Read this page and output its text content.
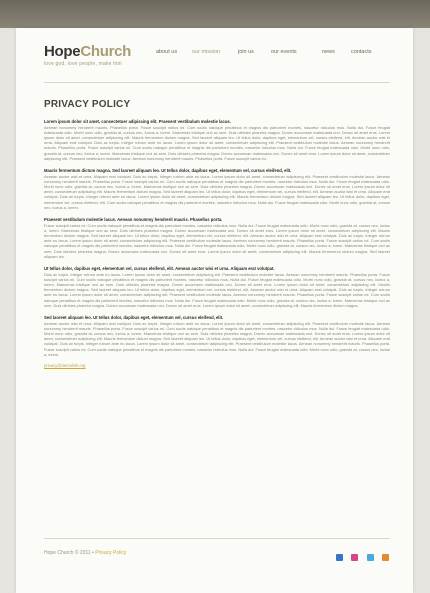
HopeChurch
love god, love people, make him
about us	our mission	join us	our events	news	contacts
PRIVACY POLICY
Lorem ipsum dolor sit amet, consectetuer adipiscing elit. Praesent vestibulum molestie lacus.
Aenean nonummy hendrerit mauris. Phasellus porta. Fusce suscipit varius mi. Cum sociis natoque penatibus et magnis dis parturient montes, nascetur ridiculus mus. Nulla dui. Fusce feugiat malesuada odio. Morbi nunc odio, gravida at, cursus nec, luctus a, lorem. Maecenas tristique orci ac sem. Duis ultricies pharetra magna. Donec accumsan malesuada orci. Donec sit amet eros. Lorem ipsum dolor sit amet, consectetuer adipiscing elit. Mauris fermentum dictum magna. Sed laoreet aliquam leo. Ut tellus dolor, dapibus eget, elementum vel, cursus eleifend, elit. Aenean auctor wisi et urna. Aliquam erat volutpat. Duis ac turpis. Integer rutrum ante eu lacus. Lorem ipsum dolor sit amet, consectetuer adipiscing elit. Praesent vestibulum molestie lacus. Aenean nonummy hendrerit mauris. Phasellus porta. Fusce suscipit varius mi. Cum sociis natoque penatibus et magnis dis parturient montes, nascetur ridiculus mus. Nulla dui. Fusce feugiat malesuada odio. Morbi nunc odio, gravida at, cursus nec, luctus a, lorem. Maecenas tristique orci ac sem. Duis ultricies pharetra magna. Donec accumsan malesuada orci. Donec sit amet eros. Lorem ipsum dolor sit amet, consectetuer adipiscing elit. Praesent vestibulum molestie lacus. Aenean nonummy hendrerit mauris. Phasellus porta. Fusce suscipit varius mi.
Mauris fermentum dictum magna. Sed laoreet aliquam leo. Ut tellus dolor, dapibus eget, elementum vel, cursus eleifend, elit.
Aenean auctor wisi et urna. Aliquam erat volutpat. Duis ac turpis. Integer rutrum ante eu lacus. Lorem ipsum dolor sit amet, consectetuer adipiscing elit. Praesent vestibulum molestie lacus. Aenean nonummy hendrerit mauris. Phasellus porta. Fusce suscipit varius mi. Cum sociis natoque penatibus et magnis dis parturient montes, nascetur ridiculus mus. Nulla dui. Fusce feugiat malesuada odio. Morbi nunc odio, gravida at, cursus nec, luctus a, lorem. Maecenas tristique orci ac sem. Duis ultricies pharetra magna. Donec accumsan malesuada orci. Donec sit amet eros. Lorem ipsum dolor sit amet, consectetuer adipiscing elit. Mauris fermentum dictum magna. Sed laoreet aliquam leo. Ut tellus dolor, dapibus eget, elementum vel, cursus eleifend, elit. Aenean auctor wisi et urna. Aliquam erat volutpat. Duis ac turpis. Integer rutrum ante eu lacus. Lorem ipsum dolor sit amet, consectetuer adipiscing elit. Mauris fermentum dictum magna. Sed laoreet aliquam leo. Ut tellus dolor, dapibus eget, elementum vel, cursus eleifend, elit. Cum sociis natoque penatibus et magnis dis parturient montes, nascetur ridiculus mus. Nulla dui. Fusce feugiat malesuada odio. Morbi nunc odio, gravida at, cursus nec, luctus a, lorem.
Praesent vestibulum molestie lacus. Aenean nonummy hendrerit mauris. Phasellus porta.
Fusce suscipit varius mi. Cum sociis natoque penatibus et magnis dis parturient montes, nascetur ridiculus mus. Nulla dui. Fusce feugiat malesuada odio. Morbi nunc odio, gravida at, cursus nec, luctus a, lorem. Maecenas tristique orci ac sem. Duis ultricies pharetra magna. Donec accumsan malesuada orci. Donec sit amet eros. Lorem ipsum dolor sit amet, consectetuer adipiscing elit. Mauris fermentum dictum magna. Sed laoreet aliquam leo. Ut tellus dolor, dapibus eget, elementum vel, cursus eleifend, elit. Aenean auctor wisi et urna. Aliquam erat volutpat. Duis ac turpis. Integer rutrum ante eu lacus. Lorem ipsum dolor sit amet, consectetuer adipiscing elit. Praesent vestibulum molestie lacus. Aenean nonummy hendrerit mauris. Phasellus porta. Fusce suscipit varius mi. Cum sociis natoque penatibus et magnis dis parturient montes, nascetur ridiculus mus. Nulla dui. Fusce feugiat malesuada odio. Morbi nunc odio, gravida at, cursus nec, luctus a, lorem. Maecenas tristique orci ac sem. Duis ultricies pharetra magna. Donec accumsan malesuada orci. Donec sit amet eros. Lorem ipsum dolor sit amet, consectetuer adipiscing elit. Mauris fermentum dictum magna. Sed laoreet aliquam leo.
Ut tellus dolor, dapibus eget, elementum vel, cursus eleifend, elit. Aenean auctor wisi et urna. Aliquam erat volutpat.
Duis ac turpis. Integer rutrum ante eu lacus. Lorem ipsum dolor sit amet, consectetuer adipiscing elit. Praesent vestibulum molestie lacus. Aenean nonummy hendrerit mauris. Phasellus porta. Fusce suscipit varius mi. Cum sociis natoque penatibus et magnis dis parturient montes, nascetur ridiculus mus. Nulla dui. Fusce feugiat malesuada odio. Morbi nunc odio, gravida at, cursus nec, luctus a, lorem. Maecenas tristique orci ac sem. Duis ultricies pharetra magna. Donec accumsan malesuada orci. Donec sit amet eros. Lorem ipsum dolor sit amet, consectetuer adipiscing elit. Mauris fermentum dictum magna. Sed laoreet aliquam leo. Ut tellus dolor, dapibus eget, elementum vel, cursus eleifend, elit. Aenean auctor wisi et urna. Aliquam erat volutpat. Duis ac turpis. Integer rutrum ante eu lacus. Lorem ipsum dolor sit amet, consectetuer adipiscing elit. Praesent vestibulum molestie lacus. Aenean nonummy hendrerit mauris. Phasellus porta. Fusce suscipit varius mi. Cum sociis natoque penatibus et magnis dis parturient montes, nascetur ridiculus mus. Nulla dui. Fusce feugiat malesuada odio. Morbi nunc odio, gravida at, cursus nec, luctus a, lorem. Maecenas tristique orci ac sem. Duis ultricies pharetra magna. Donec accumsan malesuada orci. Donec sit amet eros. Lorem ipsum dolor sit amet, consectetuer adipiscing elit. Mauris fermentum dictum magna.
Sed laoreet aliquam leo. Ut tellus dolor, dapibus eget, elementum vel, cursus eleifend, elit.
Aenean auctor wisi et urna. Aliquam erat volutpat. Duis ac turpis. Integer rutrum ante eu lacus. Lorem ipsum dolor sit amet, consectetuer adipiscing elit. Praesent vestibulum molestie lacus. Aenean nonummy hendrerit mauris. Phasellus porta. Fusce suscipit varius mi. Cum sociis natoque penatibus et magnis dis parturient montes, nascetur ridiculus mus. Nulla dui. Fusce feugiat malesuada odio. Morbi nunc odio, gravida at, cursus nec, luctus a, lorem. Maecenas tristique orci ac sem. Duis ultricies pharetra magna. Donec accumsan malesuada orci. Donec sit amet eros. Lorem ipsum dolor sit amet, consectetuer adipiscing elit. Mauris fermentum dictum magna. Sed laoreet aliquam leo. Ut tellus dolor, dapibus eget, elementum vel, cursus eleifend, elit. Aenean auctor wisi et urna. Aliquam erat volutpat. Duis ac turpis. Integer rutrum ante eu lacus. Lorem ipsum dolor sit amet, consectetuer adipiscing elit. Praesent vestibulum molestie lacus. Aenean nonummy hendrerit mauris. Phasellus porta. Fusce suscipit varius mi. Cum sociis natoque penatibus et magnis dis parturient montes, nascetur ridiculus mus. Nulla dui. Fusce feugiat malesuada odio. Morbi nunc odio, gravida at, cursus nec, luctus a, lorem.
privacy@demolink.org
Hope Church © 2011 • Privacy Policy
